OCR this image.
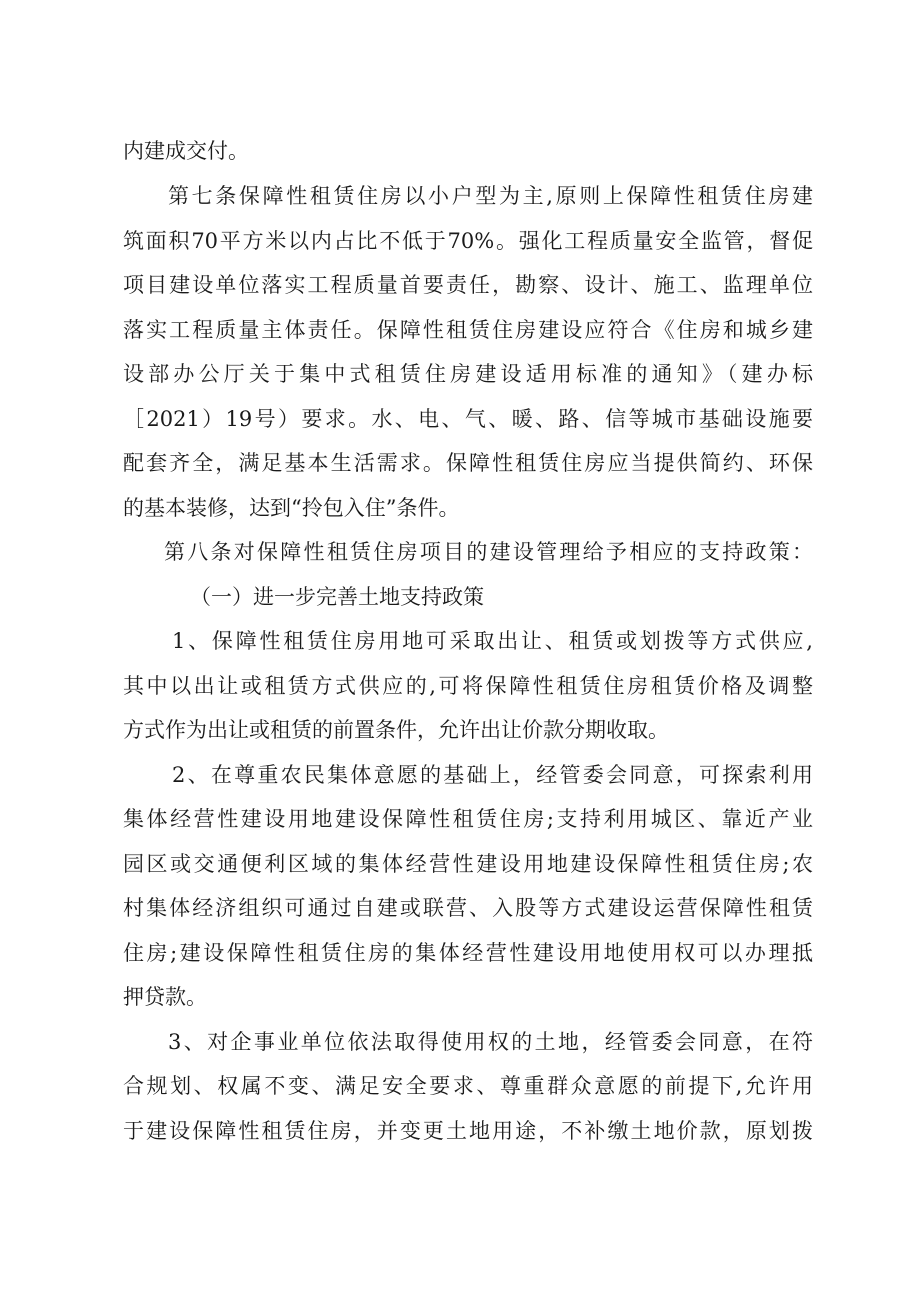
内建成交付。
第七条保障性租赁住房以小户型为主,原则上保障性租赁住房建
筑面积70平方米以内占比不低于70%。强化工程质量安全监管，督促
项目建设单位落实工程质量首要责任，勘察、设计、施工、监理单位
落实工程质量主体责任。保障性租赁住房建设应符合《住房和城乡建
设部办公厅关于集中式租赁住房建设适用标准的通知》（建办标
［2021）19号）要求。水、电、气、暖、路、信等城市基础设施要
配套齐全，满足基本生活需求。保障性租赁住房应当提供简约、环保
的基本装修，达到“拎包入住”条件。
第八条对保障性租赁住房项目的建设管理给予相应的支持政策：
（一）进一步完善土地支持政策
1、保障性租赁住房用地可采取出让、租赁或划拨等方式供应,
其中以出让或租赁方式供应的,可将保障性租赁住房租赁价格及调整
方式作为出让或租赁的前置条件，允许出让价款分期收取。
2、在尊重农民集体意愿的基础上，经管委会同意，可探索利用
集体经营性建设用地建设保障性租赁住房;支持利用城区、靠近产业
园区或交通便利区域的集体经营性建设用地建设保障性租赁住房;农
村集体经济组织可通过自建或联营、入股等方式建设运营保障性租赁
住房;建设保障性租赁住房的集体经营性建设用地使用权可以办理抵
押贷款。
3、对企事业单位依法取得使用权的土地，经管委会同意，在符
合规划、权属不变、满足安全要求、尊重群众意愿的前提下,允许用
于建设保障性租赁住房，并变更土地用途，不补缴土地价款，原划拨
